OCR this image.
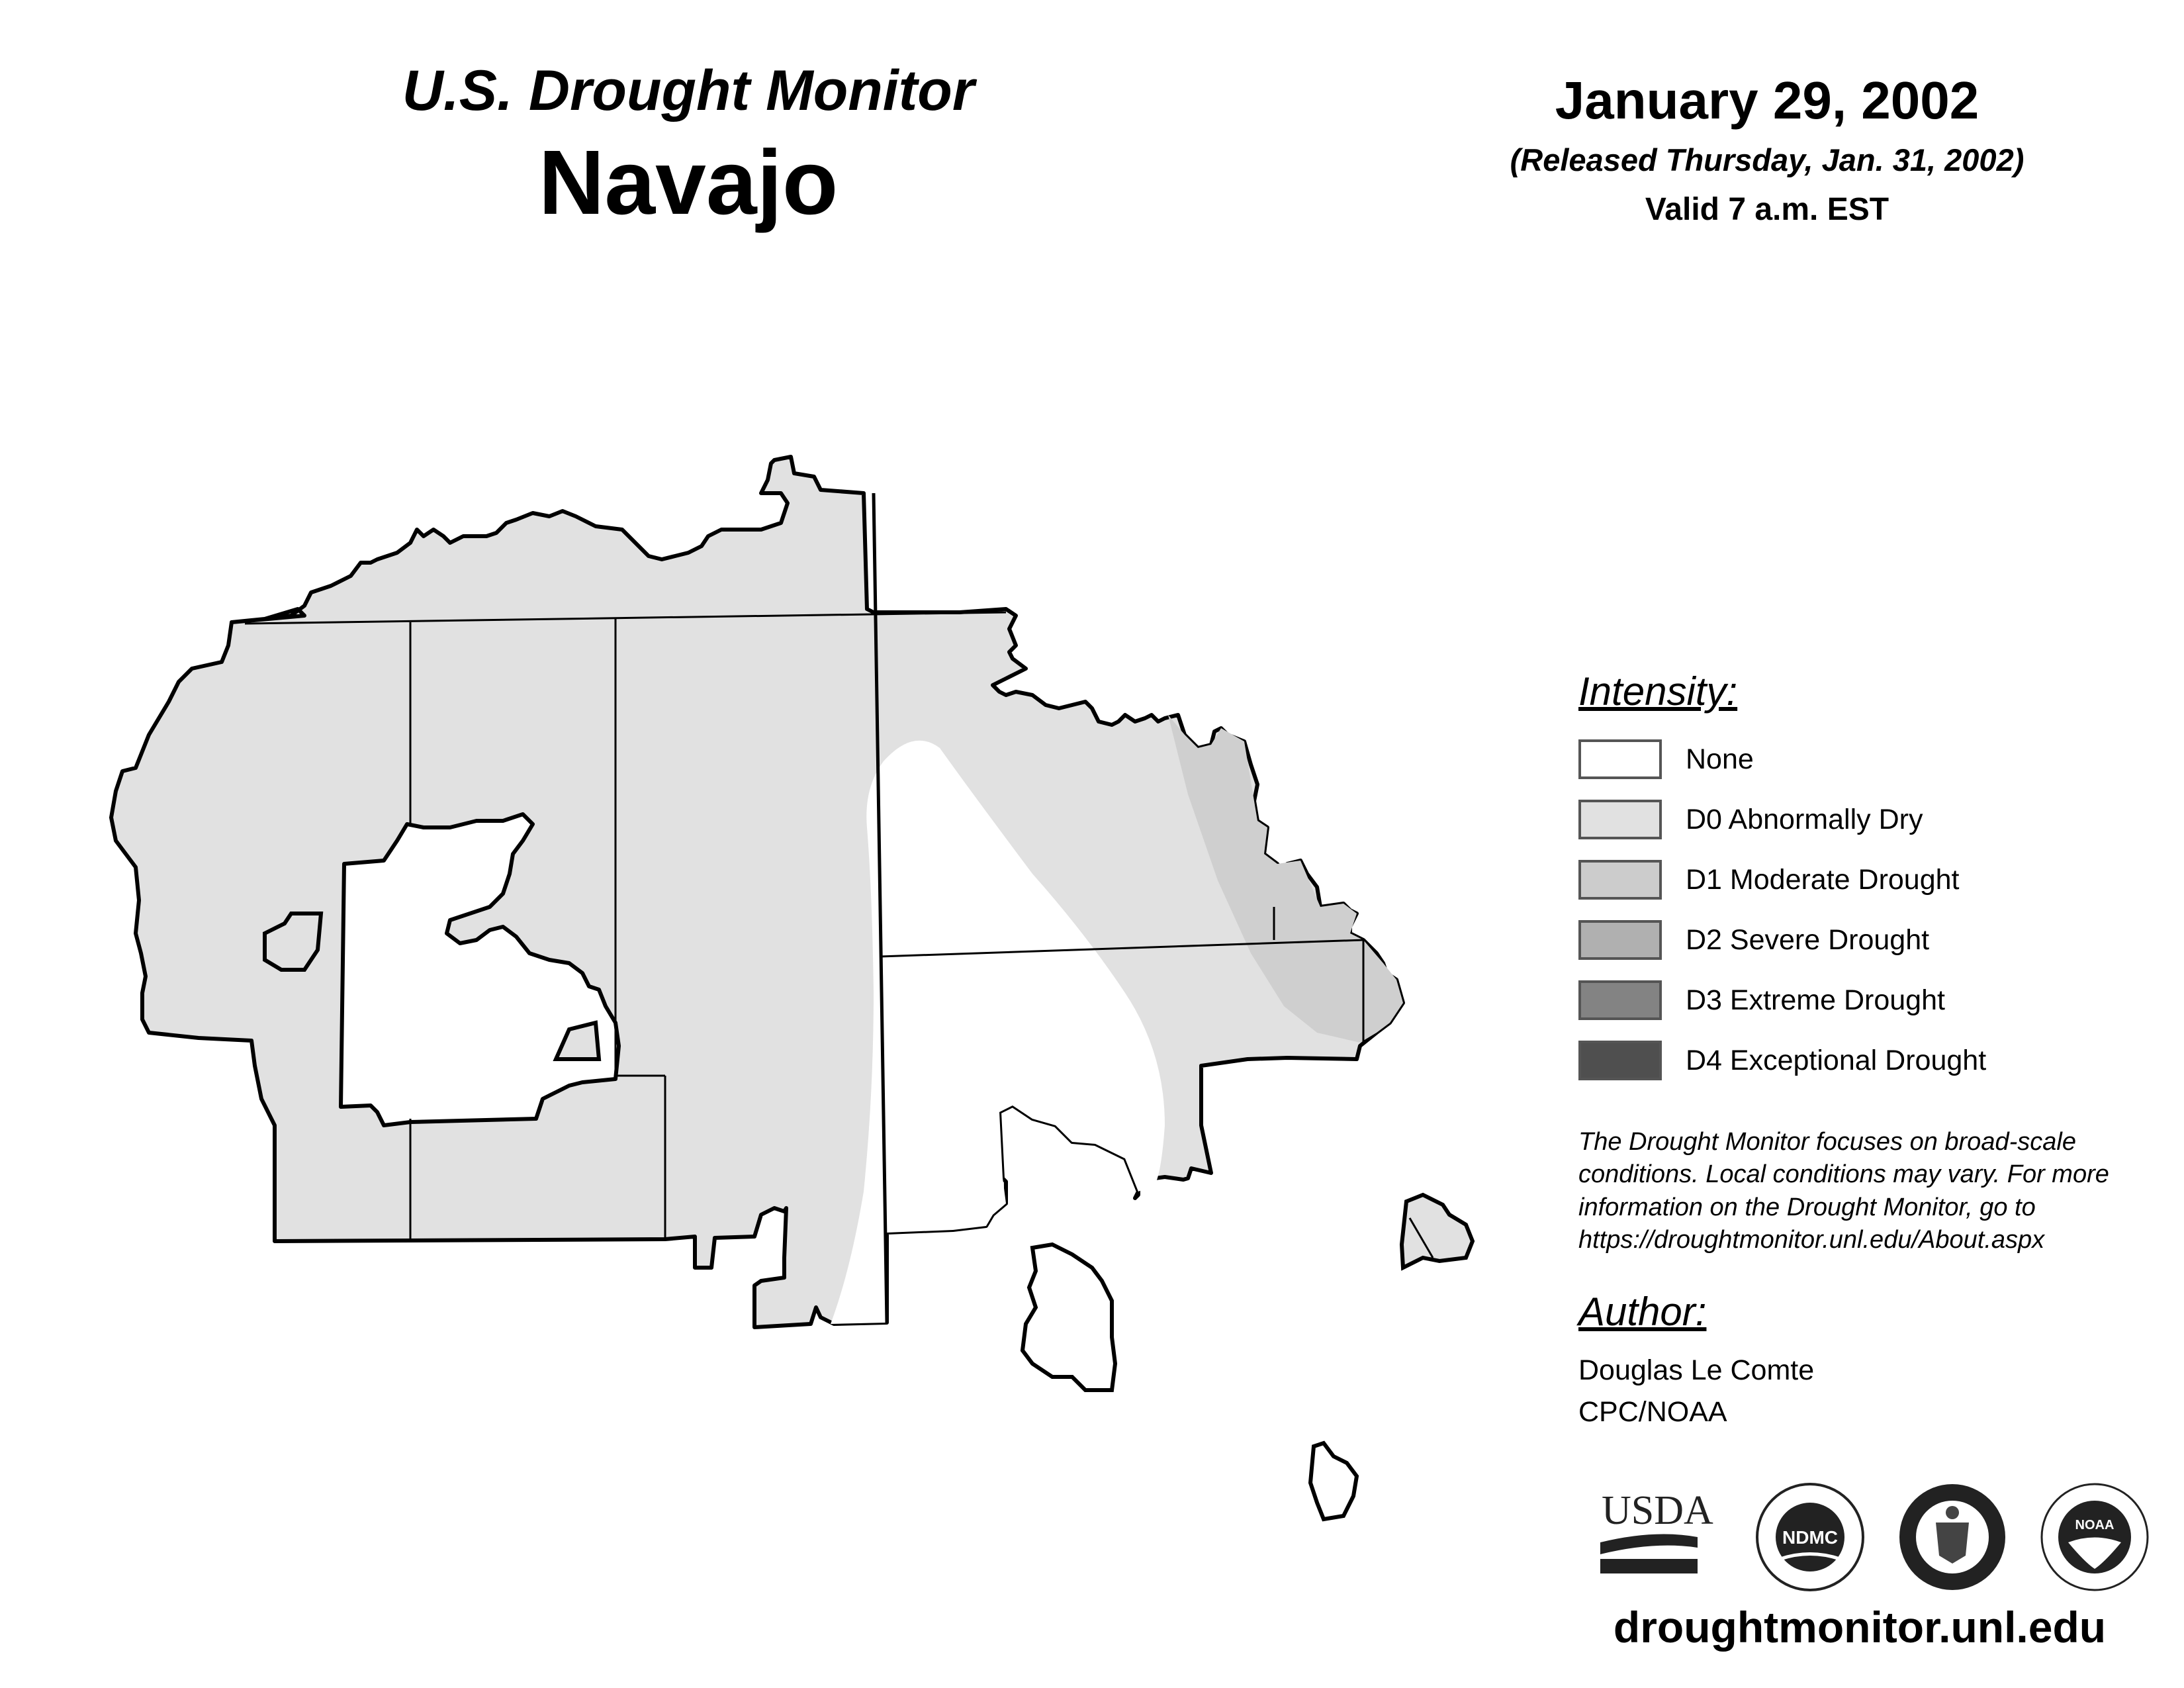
U.S. Drought Monitor
Navajo
January 29, 2002
(Released Thursday, Jan. 31, 2002)
Valid 7 a.m. EST
Intensity:
None
D0 Abnormally Dry
D1 Moderate Drought
D2 Severe Drought
D3 Extreme Drought
D4 Exceptional Drought
The Drought Monitor focuses on broad-scale conditions. Local conditions may vary. For more information on the Drought Monitor, go to https://droughtmonitor.unl.edu/About.aspx
Author:
Douglas Le Comte
CPC/NOAA
USDA
NDMC
NOAA
droughtmonitor.unl.edu
